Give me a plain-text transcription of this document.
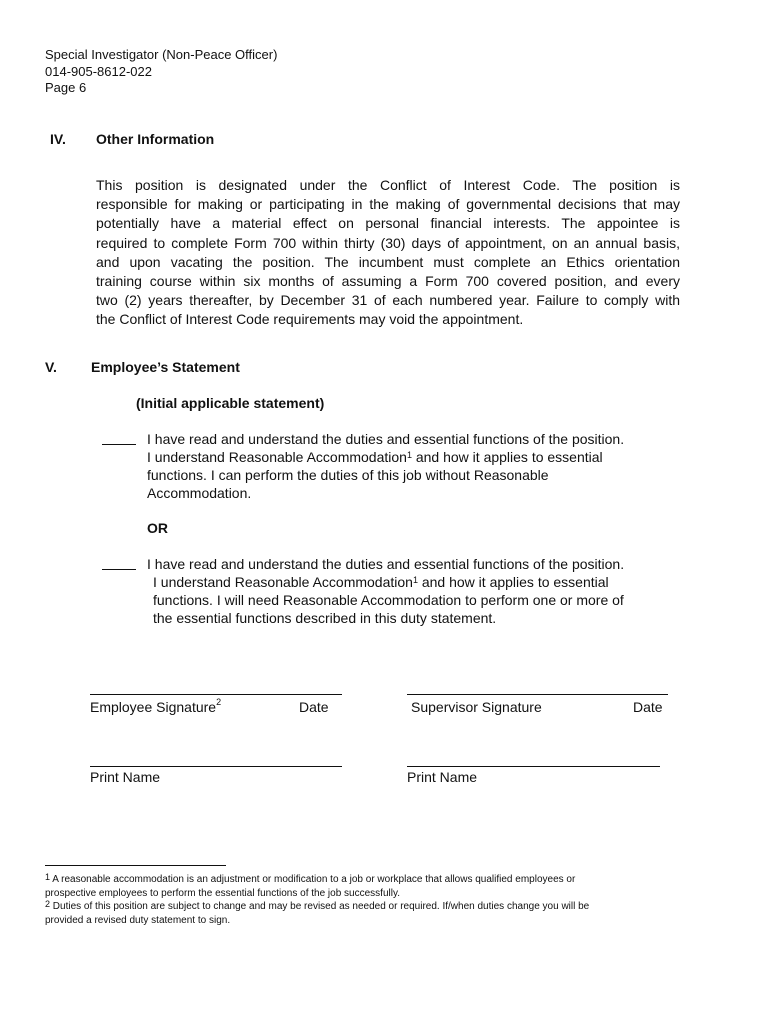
Special Investigator (Non-Peace Officer)
014-905-8612-022
Page 6
IV. Other Information
This position is designated under the Conflict of Interest Code. The position is
responsible for making or participating in the making of governmental decisions that may
potentially have a material effect on personal financial interests. The appointee is
required to complete Form 700 within thirty (30) days of appointment, on an annual basis,
and upon vacating the position. The incumbent must complete an Ethics orientation
training course within six months of assuming a Form 700 covered position, and every
two (2) years thereafter, by December 31 of each numbered year. Failure to comply with
the Conflict of Interest Code requirements may void the appointment.
V. Employee’s Statement
(Initial applicable statement)
I have read and understand the duties and essential functions of the position.
I understand Reasonable Accommodation$^1$ and how it applies to essential
functions. I can perform the duties of this job without Reasonable
Accommodation.
OR
I have read and understand the duties and essential functions of the position.
I understand Reasonable Accommodation$^1$ and how it applies to essential
functions. I will need Reasonable Accommodation to perform one or more of
the essential functions described in this duty statement.
Employee Signature$^2$	Date	Supervisor Signature	Date
Print Name	Print Name
$^1$ A reasonable accommodation is an adjustment or modification to a job or workplace that allows qualified employees or
prospective employees to perform the essential functions of the job successfully.
$^2$ Duties of this position are subject to change and may be revised as needed or required. If/when duties change you will be
provided a revised duty statement to sign.
